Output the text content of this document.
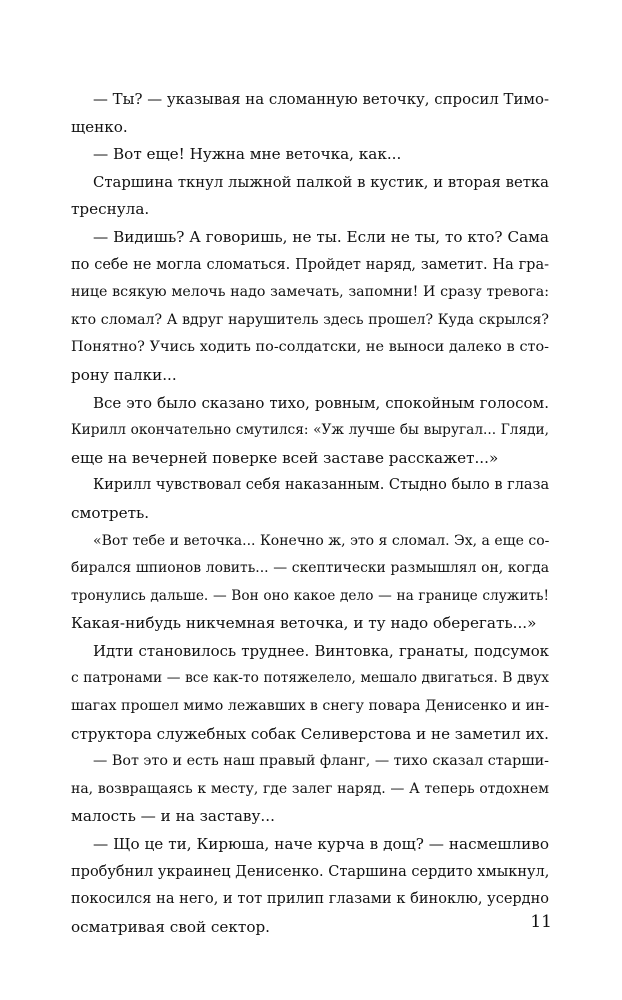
— Ты? — указывая на сломанную веточку, спросил Тимо-
щенко.
— Вот еще! Нужна мне веточка, как...
Старшина ткнул лыжной палкой в кустик, и вторая ветка
треснула.
— Видишь? А говоришь, не ты. Если не ты, то кто? Сама
по себе не могла сломаться. Пройдет наряд, заметит. На гра-
нице всякую мелочь надо замечать, запомни! И сразу тревога:
кто сломал? А вдруг нарушитель здесь прошел? Куда скрылся?
Понятно? Учись ходить по-солдатски, не выноси далеко в сто-
рону палки...
Все это было сказано тихо, ровным, спокойным голосом.
Кирилл окончательно смутился: «Уж лучше бы выругал... Гляди,
еще на вечерней поверке всей заставе расскажет...»
Кирилл чувствовал себя наказанным. Стыдно было в глаза
смотреть.
«Вот тебе и веточка... Конечно ж, это я сломал. Эх, а еще со-
бирался шпионов ловить... — скептически размышлял он, когда
тронулись дальше. — Вон оно какое дело — на границе служить!
Какая-нибудь никчемная веточка, и ту надо оберегать...»
Идти становилось труднее. Винтовка, гранаты, подсумок
с патронами — все как-то потяжелело, мешало двигаться. В двух
шагах прошел мимо лежавших в снегу повара Денисенко и ин-
структора служебных собак Селиверстова и не заметил их.
— Вот это и есть наш правый фланг, — тихо сказал старши-
на, возвращаясь к месту, где залег наряд. — А теперь отдохнем
малость — и на заставу...
— Що це ти, Кирюша, наче курча в дощ? — насмешливо
пробубнил украинец Денисенко. Старшина сердито хмыкнул,
покосился на него, и тот прилип глазами к биноклю, усердно
осматривая свой сектор.	11
